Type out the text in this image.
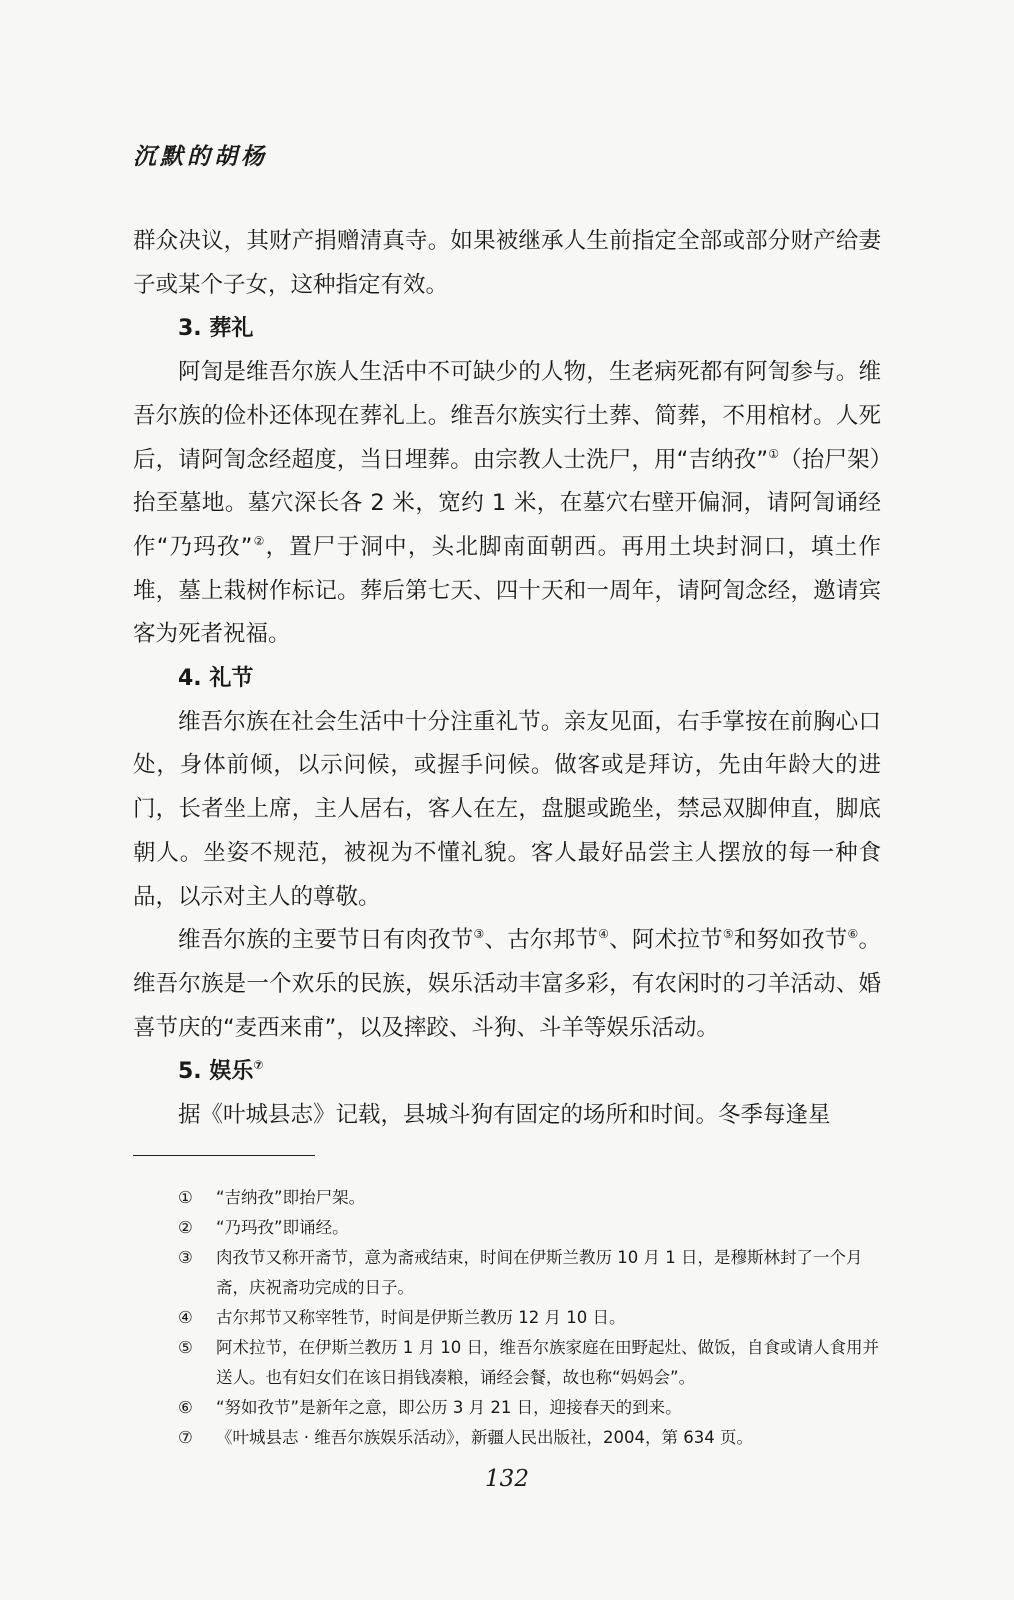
沉默的胡杨

群众决议，其财产捐赠清真寺。如果被继承人生前指定全部或部分财产给妻子或某个子女，这种指定有效。

3. 葬礼

阿訇是维吾尔族人生活中不可缺少的人物，生老病死都有阿訇参与。维吾尔族的俭朴还体现在葬礼上。维吾尔族实行土葬、简葬，不用棺材。人死后，请阿訇念经超度，当日埋葬。由宗教人士洗尸，用“吉纳孜”①（抬尸架）抬至墓地。墓穴深长各 2 米，宽约 1 米，在墓穴右壁开偏洞，请阿訇诵经作“乃玛孜”②，置尸于洞中，头北脚南面朝西。再用土块封洞口，填土作堆，墓上栽树作标记。葬后第七天、四十天和一周年，请阿訇念经，邀请宾客为死者祝福。

4. 礼节

维吾尔族在社会生活中十分注重礼节。亲友见面，右手掌按在前胸心口处，身体前倾，以示问候，或握手问候。做客或是拜访，先由年龄大的进门，长者坐上席，主人居右，客人在左，盘腿或跪坐，禁忌双脚伸直，脚底朝人。坐姿不规范，被视为不懂礼貌。客人最好品尝主人摆放的每一种食品，以示对主人的尊敬。

维吾尔族的主要节日有肉孜节③、古尔邦节④、阿术拉节⑤和努如孜节⑥。维吾尔族是一个欢乐的民族，娱乐活动丰富多彩，有农闲时的刁羊活动、婚喜节庆的“麦西来甫”，以及摔跤、斗狗、斗羊等娱乐活动。

5. 娱乐⑦

据《叶城县志》记载，县城斗狗有固定的场所和时间。冬季每逢星

①	“吉纳孜”即抬尸架。
②	“乃玛孜”即诵经。
③	肉孜节又称开斋节，意为斋戒结束，时间在伊斯兰教历 10 月 1 日，是穆斯林封了一个月斋，庆祝斋功完成的日子。
④	古尔邦节又称宰牲节，时间是伊斯兰教历 12 月 10 日。
⑤	阿术拉节，在伊斯兰教历 1 月 10 日，维吾尔族家庭在田野起灶、做饭，自食或请人食用并送人。也有妇女们在该日捐钱凑粮，诵经会餐，故也称“妈妈会”。
⑥	“努如孜节”是新年之意，即公历 3 月 21 日，迎接春天的到来。
⑦	《叶城县志 · 维吾尔族娱乐活动》，新疆人民出版社，2004，第 634 页。
132
